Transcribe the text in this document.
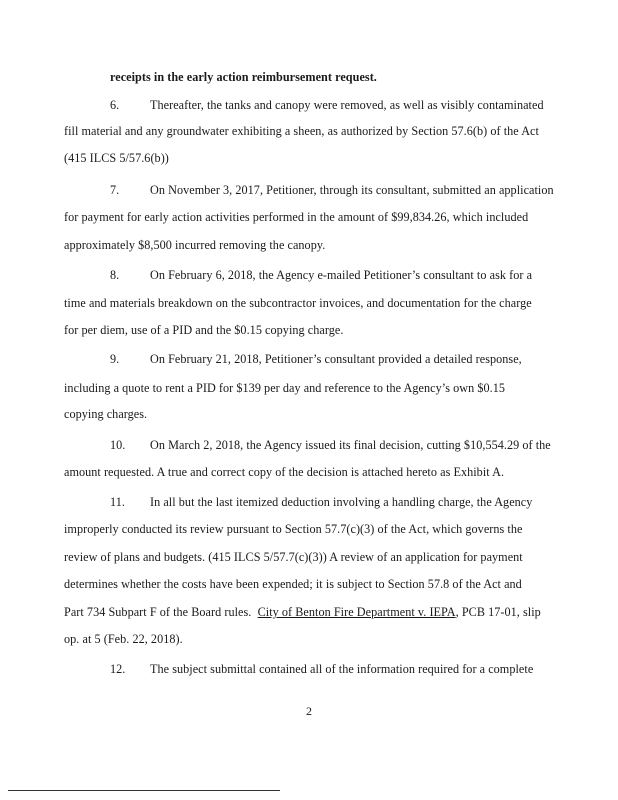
receipts in the early action reimbursement request.
6.	Thereafter, the tanks and canopy were removed, as well as visibly contaminated
fill material and any groundwater exhibiting a sheen, as authorized by Section 57.6(b) of the Act
(415 ILCS 5/57.6(b))
7.	On November 3, 2017, Petitioner, through its consultant, submitted an application
for payment for early action activities performed in the amount of $99,834.26, which included
approximately $8,500 incurred removing the canopy.
8.	On February 6, 2018, the Agency e-mailed Petitioner’s consultant to ask for a
time and materials breakdown on the subcontractor invoices, and documentation for the charge
for per diem, use of a PID and the $0.15 copying charge.
9.	On February 21, 2018, Petitioner’s consultant provided a detailed response,
including a quote to rent a PID for $139 per day and reference to the Agency’s own $0.15
copying charges.
10. On March 2, 2018, the Agency issued its final decision, cutting $10,554.29 of the
amount requested. A true and correct copy of the decision is attached hereto as Exhibit A.
11. In all but the last itemized deduction involving a handling charge, the Agency
improperly conducted its review pursuant to Section 57.7(c)(3) of the Act, which governs the
review of plans and budgets. (415 ILCS 5/57.7(c)(3)) A review of an application for payment
determines whether the costs have been expended; it is subject to Section 57.8 of the Act and
Part 734 Subpart F of the Board rules. City of Benton Fire Department v. IEPA, PCB 17-01, slip
op. at 5 (Feb. 22, 2018).
12. The subject submittal contained all of the information required for a complete
2
